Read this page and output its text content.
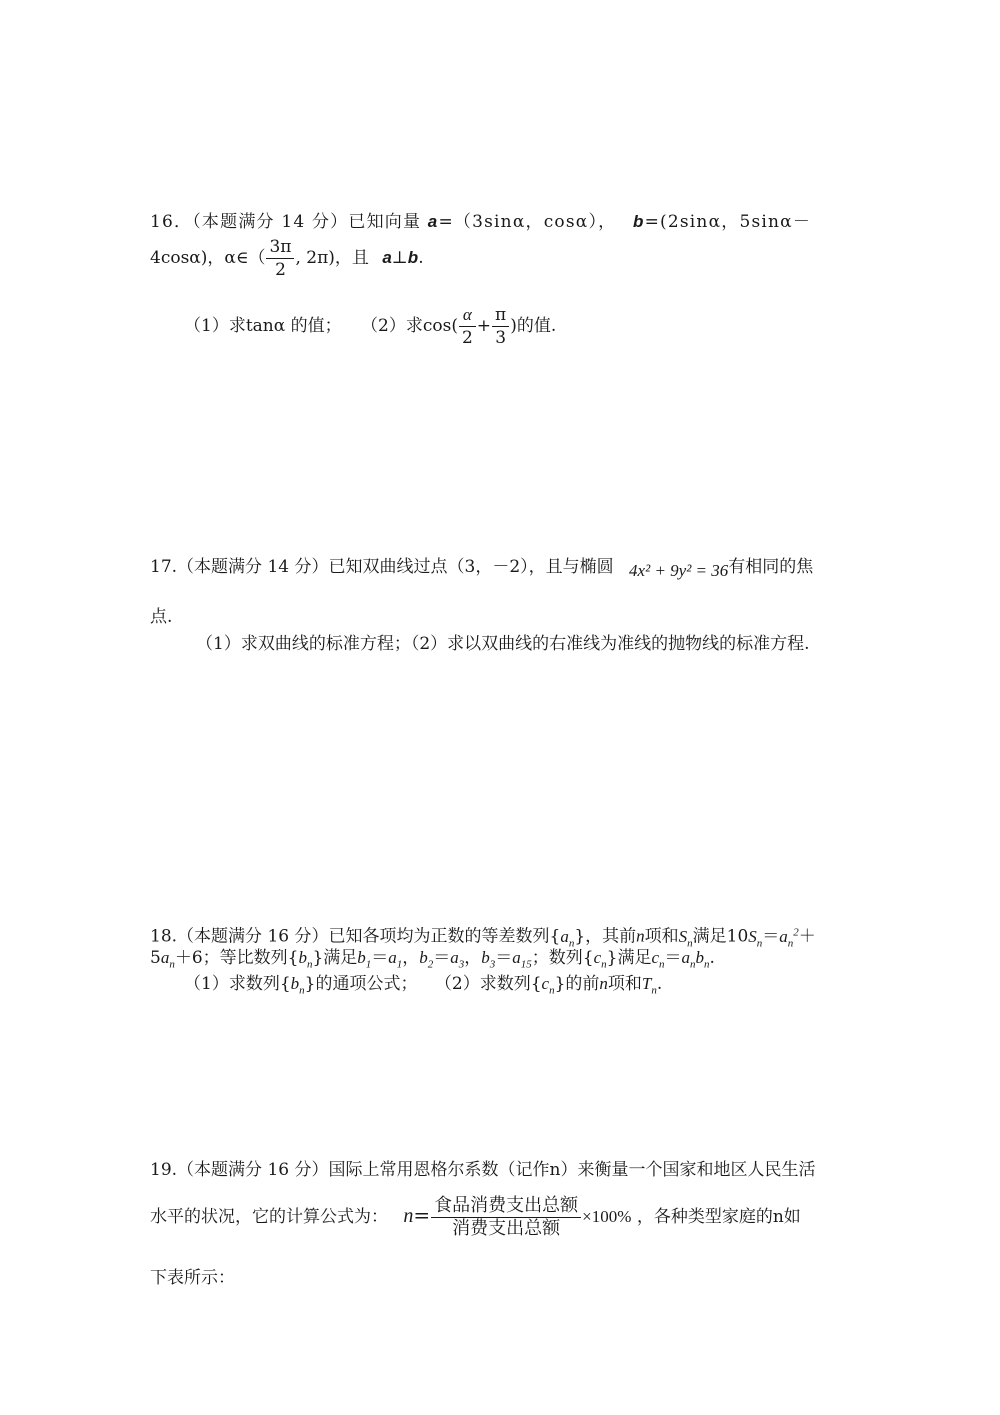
16．（本题满分 14 分）已知向量 a=（3sinα，cosα）， b=(2sinα，5sinα－
4cosα)，α∈（ $\frac{3\pi}{2}$ , 2π)，且 a⊥b.
（1）求tanα 的值； （2）求$\cos( \frac{\alpha}{2} + \frac{\pi}{3}$ )的值.
17.（本题满分 14 分）已知双曲线过点（3，－2），且与椭圆 4x² + 9y² = 36有相同的焦
点.
（1）求双曲线的标准方程；（2）求以双曲线的右准线为准线的抛物线的标准方程.
18.（本题满分 16 分）已知各项均为正数的等差数列$\{a_n\}$，其前n项和$S_n$满足$10S_n=a_n^2+$
$5a_n+6$；等比数列$\{b_n\}$满足$b_1=a_1$，$b_2=a_3$，$b_3=a_{15}$；数列$\{c_n\}$满足$c_n=a_nb_n$.
（1）求数列$\{b_n\}$的通项公式； （2）求数列$\{c_n\}$的前n项和$T_n$.
19.（本题满分 16 分）国际上常用恩格尔系数（记作n）来衡量一个国家和地区人民生活
水平的状况，它的计算公式为： $n= \frac{\text{食品消费支出总额}}{\text{消费支出总额}} \times 100\%$ ，各种类型家庭的n如
下表所示：
